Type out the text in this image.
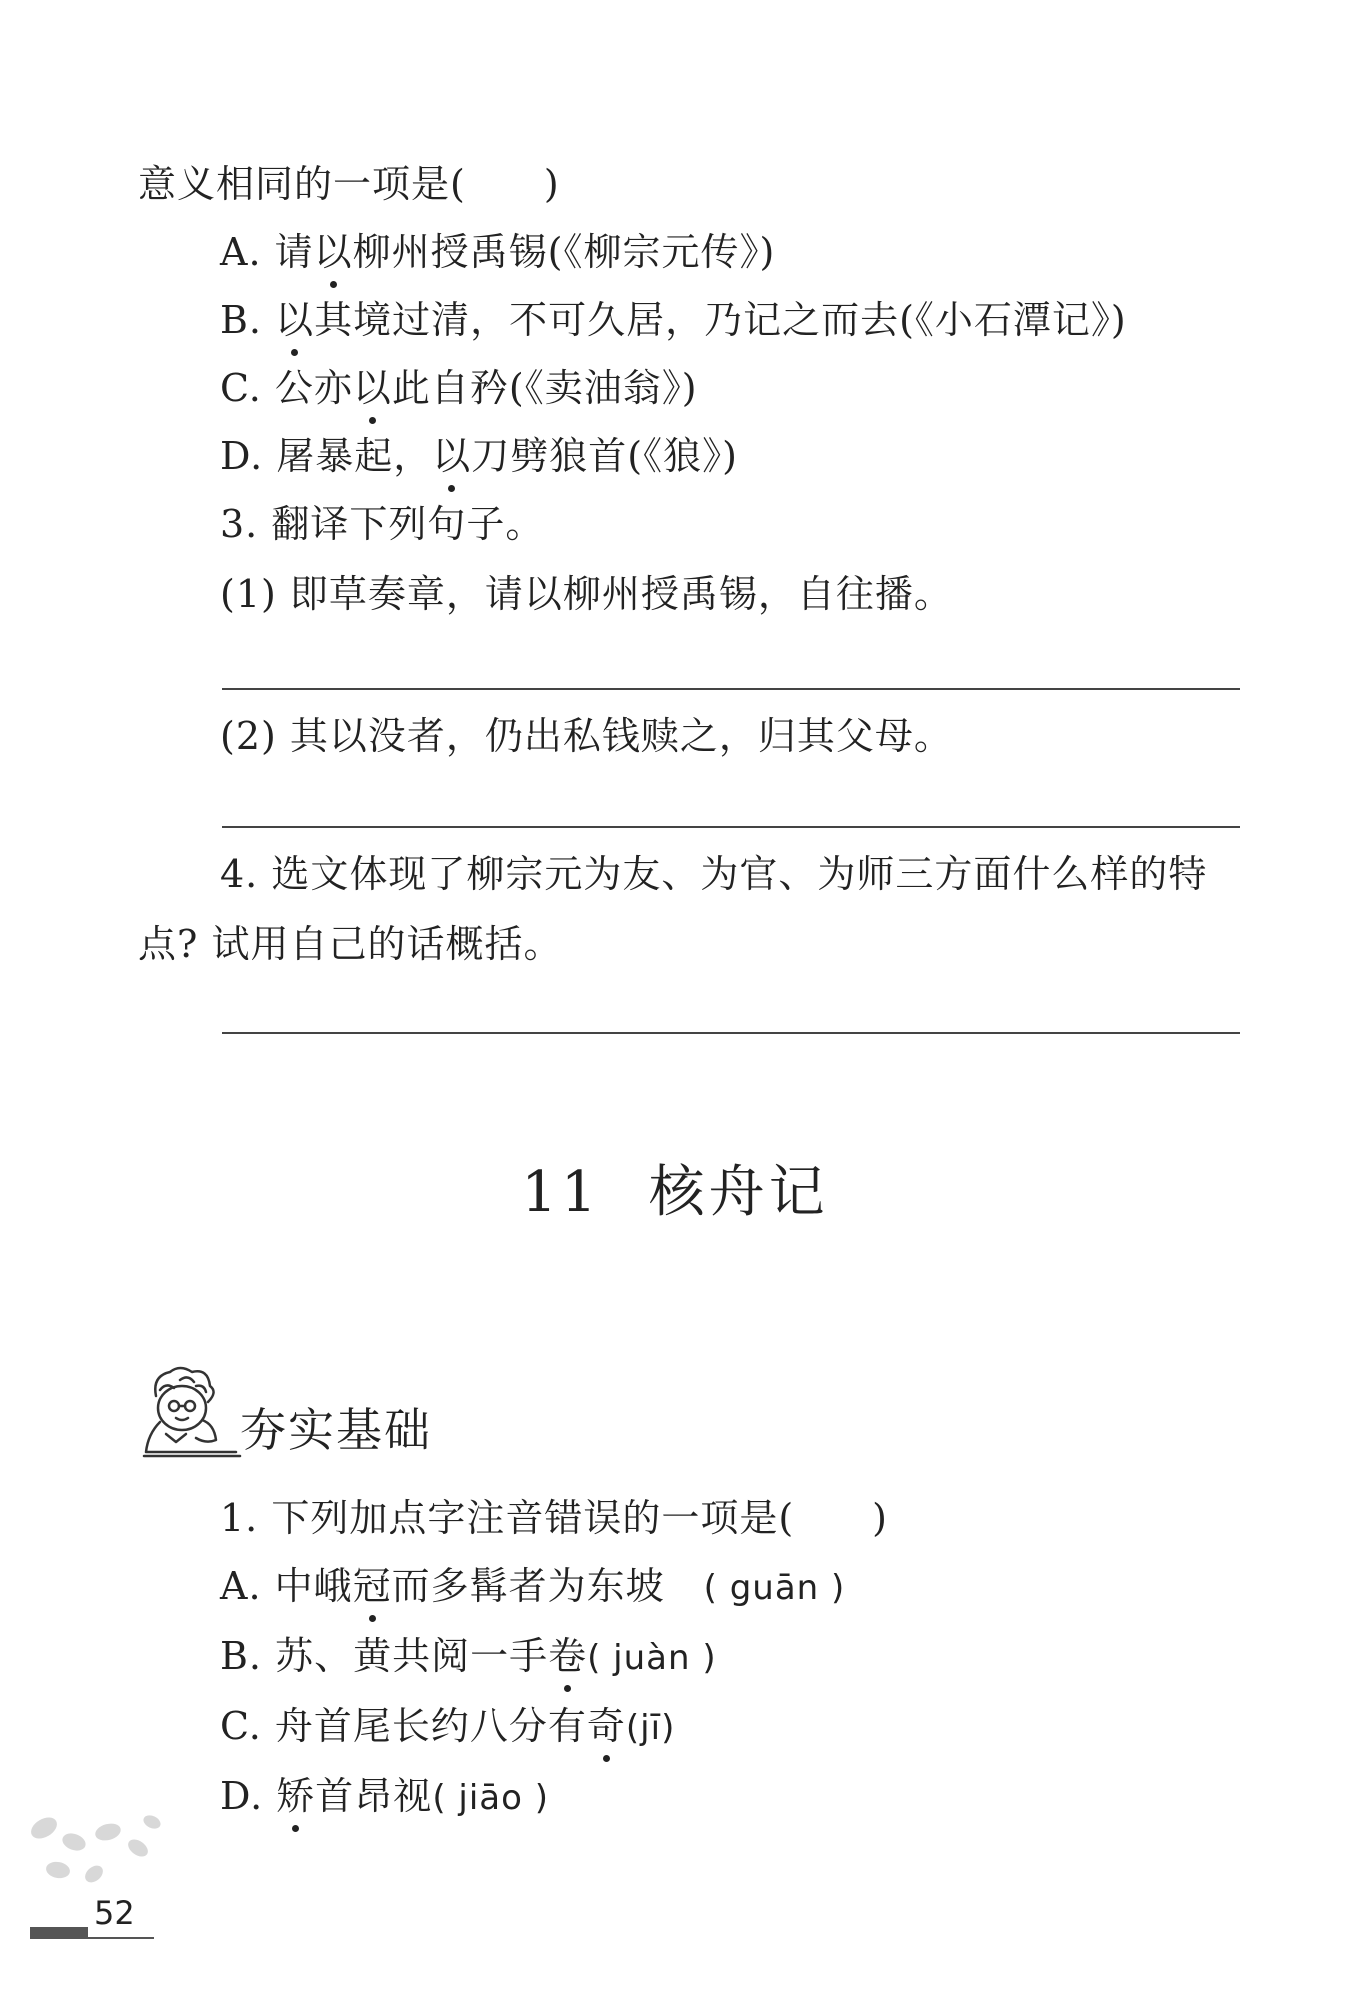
意义相同的一项是(　　)
A. 请以柳州授禹锡(《柳宗元传》)
B. 以其境过清，不可久居，乃记之而去(《小石潭记》)
C. 公亦以此自矜(《卖油翁》)
D. 屠暴起，以刀劈狼首(《狼》)
3. 翻译下列句子。
(1) 即草奏章，请以柳州授禹锡，自往播。
(2) 其以没者，仍出私钱赎之，归其父母。
4. 选文体现了柳宗元为友、为官、为师三方面什么样的特
点? 试用自己的话概括。
11 核舟记
夯实基础
1. 下列加点字注音错误的一项是(　　)
A. 中峨冠而多髯者为东坡　( guān )
B. 苏、黄共阅一手卷( juàn )
C. 舟首尾长约八分有奇(jī)
D. 矫首昂视( jiāo )
52
